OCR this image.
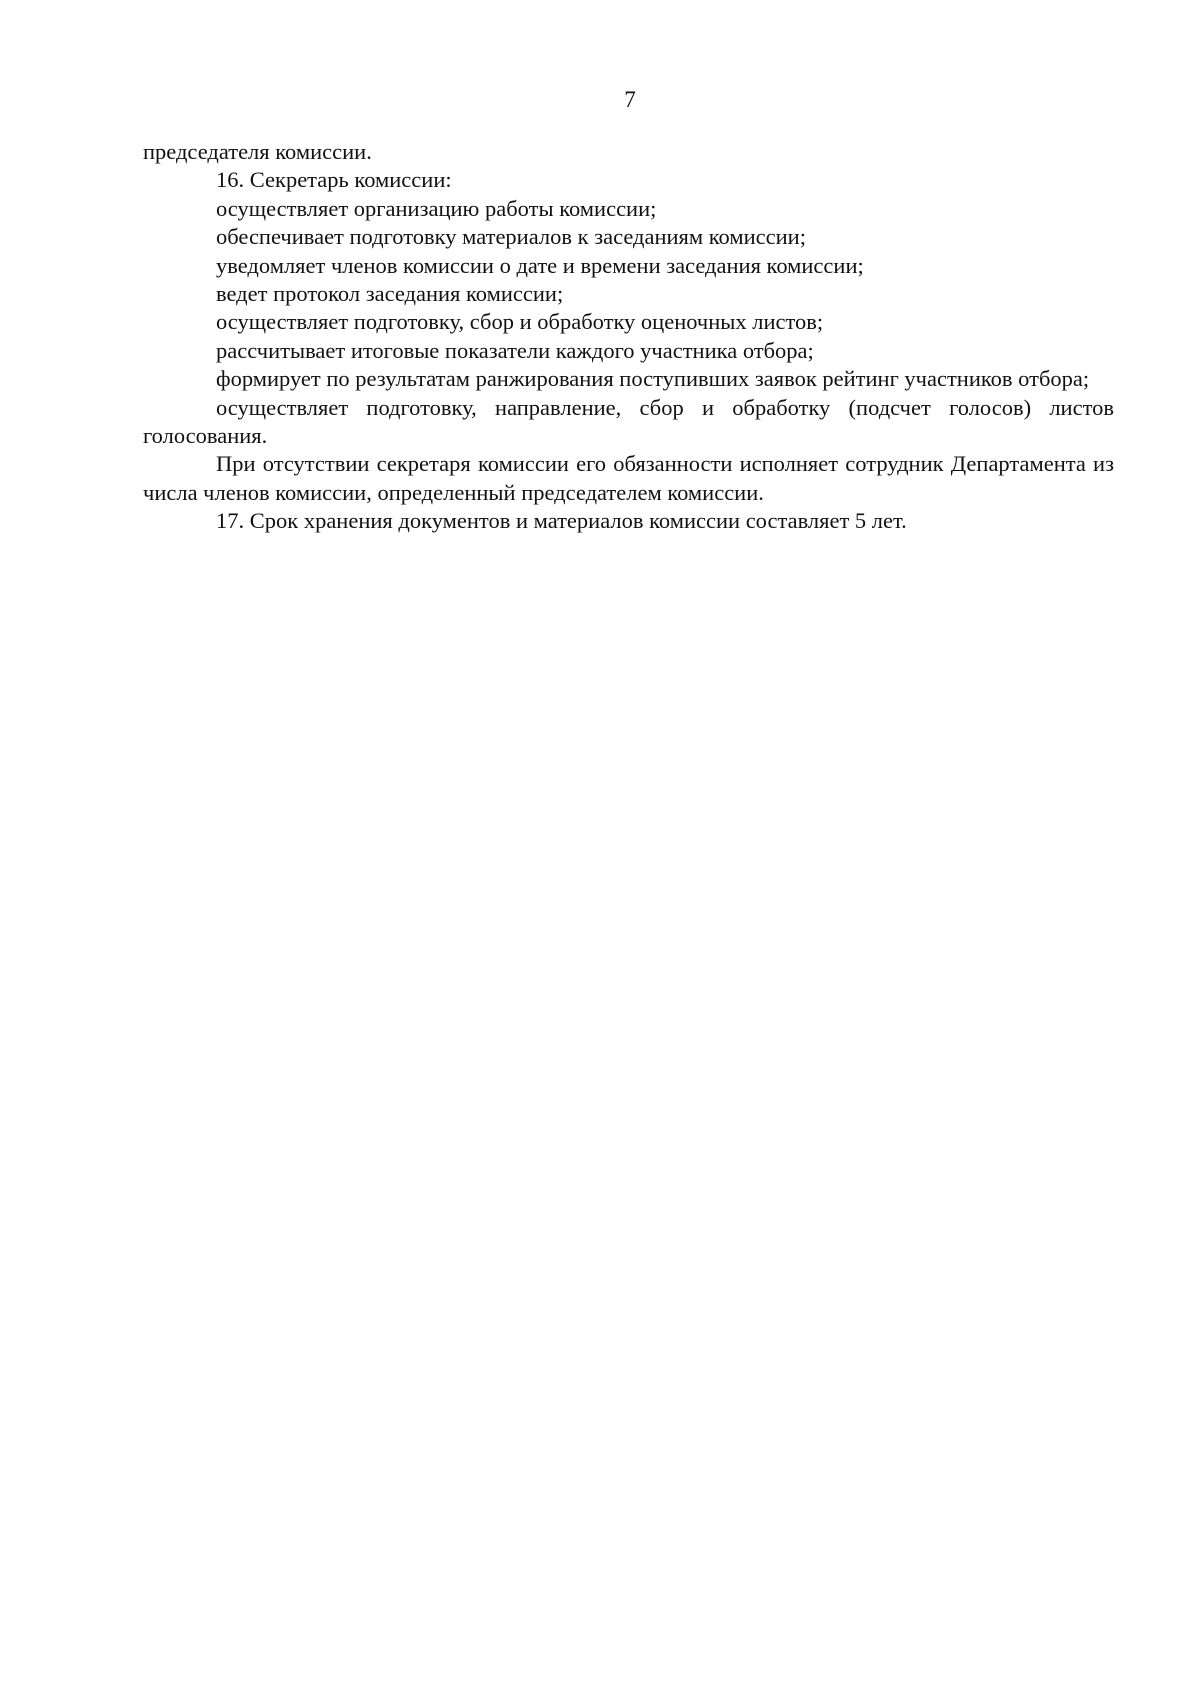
7

председателя комиссии.

16. Секретарь комиссии:

осуществляет организацию работы комиссии;

обеспечивает подготовку материалов к заседаниям комиссии;

уведомляет членов комиссии о дате и времени заседания комиссии;

ведет протокол заседания комиссии;

осуществляет подготовку, сбор и обработку оценочных листов;

рассчитывает итоговые показатели каждого участника отбора;

формирует по результатам ранжирования поступивших заявок рейтинг участников отбора;

осуществляет подготовку, направление, сбор и обработку (подсчет голосов) листов голосования.

При отсутствии секретаря комиссии его обязанности исполняет сотрудник Департамента из числа членов комиссии, определенный председателем комиссии.

17. Срок хранения документов и материалов комиссии составляет 5 лет.
